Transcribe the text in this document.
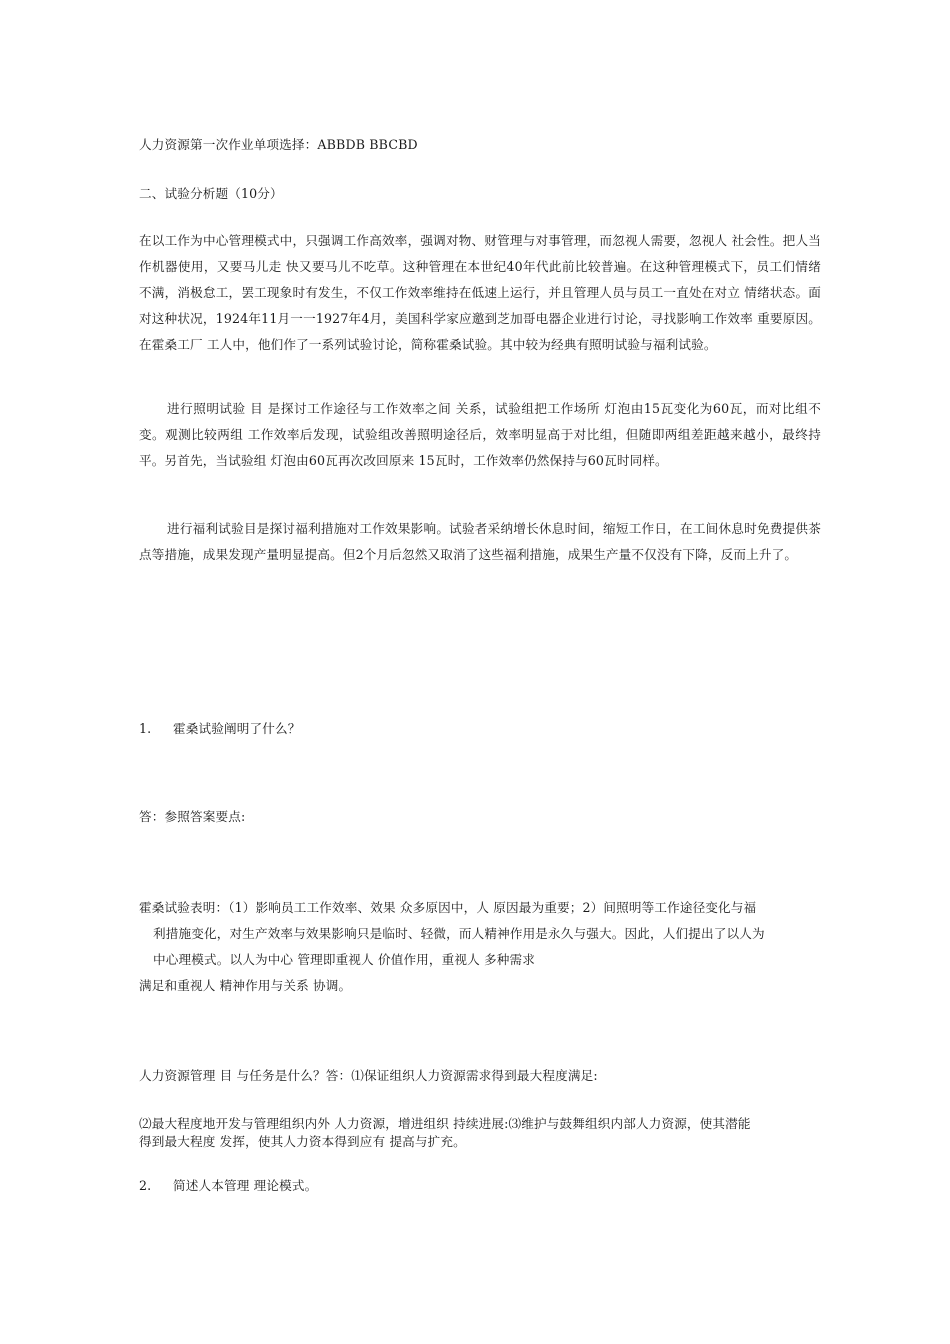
人力资源第一次作业单项选择：ABBDB BBCBD

二、试验分析题（10分）

在以工作为中心管理模式中，只强调工作高效率，强调对物、财管理与对事管理，而忽视人需要，忽视人 社会性。把人当作机器使用，又要马儿走 快又要马儿不吃草。这种管理在本世纪40年代此前比较普遍。在这种管理模式下，员工们情绪不满，消极怠工，罢工现象时有发生，不仅工作效率维持在低速上运行，并且管理人员与员工一直处在对立 情绪状态。面对这种状况，1924年11月一一1927年4月，美国科学家应邀到芝加哥电器企业进行讨论，寻找影响工作效率 重要原因。在霍桑工厂 工人中，他们作了一系列试验讨论，简称霍桑试验。其中较为经典有照明试验与福利试验。

进行照明试验 目 是探讨工作途径与工作效率之间 关系，试验组把工作场所 灯泡由15瓦变化为60瓦，而对比组不变。观测比较两组 工作效率后发现，试验组改善照明途径后，效率明显高于对比组，但随即两组差距越来越小，最终持平。另首先，当试验组 灯泡由60瓦再次改回原来 15瓦时，工作效率仍然保持与60瓦时同样。

进行福利试验目是探讨福利措施对工作效果影响。试验者采纳增长休息时间，缩短工作日，在工间休息时免费提供茶点等措施，成果发现产量明显提高。但2个月后忽然又取消了这些福利措施，成果生产量不仅没有下降，反而上升了。

1. 霍桑试验阐明了什么？

答：参照答案要点:

霍桑试验表明：（1）影响员工工作效率、效果 众多原因中，人 原因最为重要；2）间照明等工作途径变化与福
利措施变化，对生产效率与效果影响只是临时、轻微，而人精神作用是永久与强大。因此，人们提出了以人为
中心理模式。以人为中心 管理即重视人 价值作用，重视人 多种需求
满足和重视人 精神作用与关系 协调。

人力资源管理 目 与任务是什么？答：⑴保证组织人力资源需求得到最大程度满足:

⑵最大程度地开发与管理组织内外 人力资源，增进组织 持续进展:⑶维护与鼓舞组织内部人力资源，使其潜能
得到最大程度 发挥，使其人力资本得到应有 提高与扩充。
2. 简述人本管理 理论模式。
